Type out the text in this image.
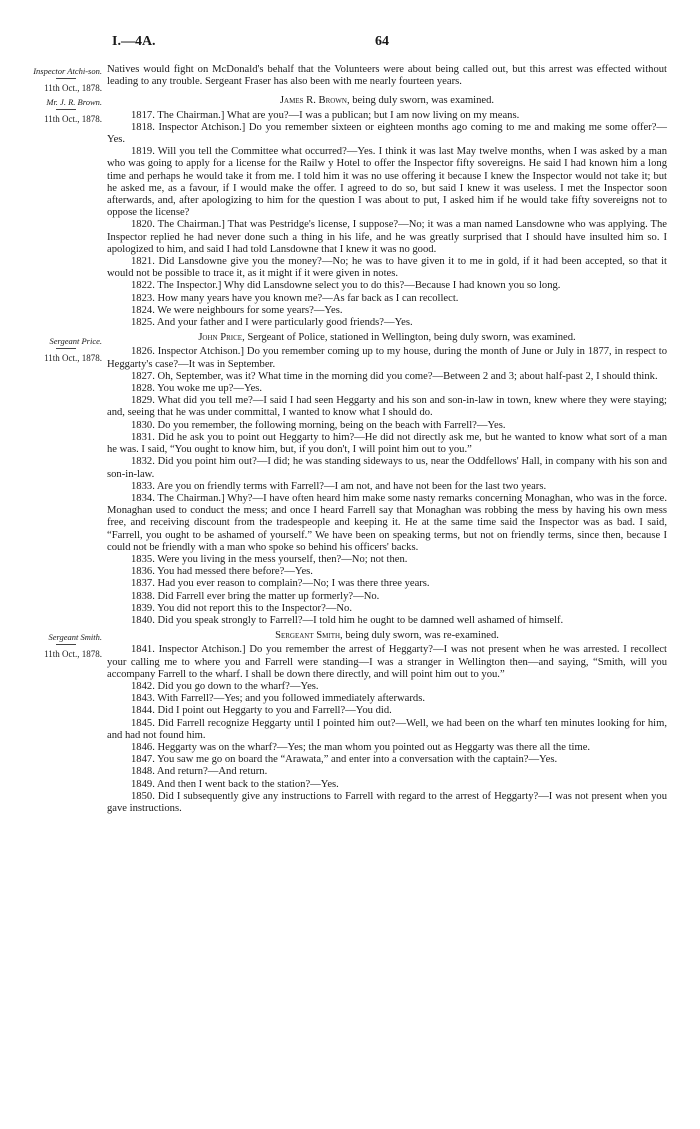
I.—4A.	64
Inspector Atchi-son.
11th Oct., 1878.

Natives would fight on McDonald's behalf that the Volunteers were about being called out, but this arrest was effected without leading to any trouble. Sergeant Fraser has also been with me nearly fourteen years.

Mr. J. R. Brown.
11th Oct., 1878.
James R. Brown, being duly sworn, was examined.

1817. The Chairman.] What are you?—I was a publican; but I am now living on my means.

1818. Inspector Atchison.] Do you remember sixteen or eighteen months ago coming to me and making me some offer?—Yes.

1819. Will you tell the Committee what occurred?—Yes. I think it was last May twelve months, when I was asked by a man who was going to apply for a license for the Railw y Hotel to offer the Inspector fifty sovereigns. He said I had known him a long time and perhaps he would take it from me. I told him it was no use offering it because I knew the Inspector would not take it; but he asked me, as a favour, if I would make the offer. I agreed to do so, but said I knew it was useless. I met the Inspector soon afterwards, and, after apologizing to him for the question I was about to put, I asked him if he would take fifty sovereigns not to oppose the license?

1820. The Chairman.] That was Pestridge's license, I suppose?—No; it was a man named Lansdowne who was applying. The Inspector replied he had never done such a thing in his life, and he was greatly surprised that I should have insulted him so. I apologized to him, and said I had told Lansdowne that I knew it was no good.

1821. Did Lansdowne give you the money?—No; he was to have given it to me in gold, if it had been accepted, so that it would not be possible to trace it, as it might if it were given in notes.

1822. The Inspector.] Why did Lansdowne select you to do this?—Because I had known you so long.

1823. How many years have you known me?—As far back as I can recollect.

1824. We were neighbours for some years?—Yes.

1825. And your father and I were particularly good friends?—Yes.

Sergeant Price.
11th Oct., 1878.
John Price, Sergeant of Police, stationed in Wellington, being duly sworn, was examined.

1826. Inspector Atchison.] Do you remember coming up to my house, during the month of June or July in 1877, in respect to Heggarty's case?—It was in September.

1827. Oh, September, was it? What time in the morning did you come?—Between 2 and 3; about half-past 2, I should think.

1828. You woke me up?—Yes.

1829. What did you tell me?—I said I had seen Heggarty and his son and son-in-law in town, knew where they were staying; and, seeing that he was under committal, I wanted to know what I should do.

1830. Do you remember, the following morning, being on the beach with Farrell?—Yes.

1831. Did he ask you to point out Heggarty to him?—He did not directly ask me, but he wanted to know what sort of a man he was. I said, “You ought to know him, but, if you don't, I will point him out to you.”

1832. Did you point him out?—I did; he was standing sideways to us, near the Oddfellows' Hall, in company with his son and son-in-law.

1833. Are you on friendly terms with Farrell?—I am not, and have not been for the last two years.

1834. The Chairman.] Why?—I have often heard him make some nasty remarks concerning Monaghan, who was in the force. Monaghan used to conduct the mess; and once I heard Farrell say that Monaghan was robbing the mess by having his own mess free, and receiving discount from the tradespeople and keeping it. He at the same time said the Inspector was as bad. I said, “Farrell, you ought to be ashamed of yourself.” We have been on speaking terms, but not on friendly terms, since then, because I could not be friendly with a man who spoke so behind his officers' backs.

1835. Were you living in the mess yourself, then?—No; not then.

1836. You had messed there before?—Yes.

1837. Had you ever reason to complain?—No; I was there three years.

1838. Did Farrell ever bring the matter up formerly?—No.

1839. You did not report this to the Inspector?—No.

1840. Did you speak strongly to Farrell?—I told him he ought to be damned well ashamed of himself.

Sergeant Smith.
11th Oct., 1878.
Sergeant Smith, being duly sworn, was re-examined.

1841. Inspector Atchison.] Do you remember the arrest of Heggarty?—I was not present when he was arrested. I recollect your calling me to where you and Farrell were standing—I was a stranger in Wellington then—and saying, “Smith, will you accompany Farrell to the wharf. I shall be down there directly, and will point him out to you.”

1842. Did you go down to the wharf?—Yes.

1843. With Farrell?—Yes; and you followed immediately afterwards.

1844. Did I point out Heggarty to you and Farrell?—You did.

1845. Did Farrell recognize Heggarty until I pointed him out?—Well, we had been on the wharf ten minutes looking for him, and had not found him.

1846. Heggarty was on the wharf?—Yes; the man whom you pointed out as Heggarty was there all the time.

1847. You saw me go on board the “Arawata,” and enter into a conversation with the captain?—Yes.

1848. And return?—And return.

1849. And then I went back to the station?—Yes.

1850. Did I subsequently give any instructions to Farrell with regard to the arrest of Heggarty?—I was not present when you gave instructions.
